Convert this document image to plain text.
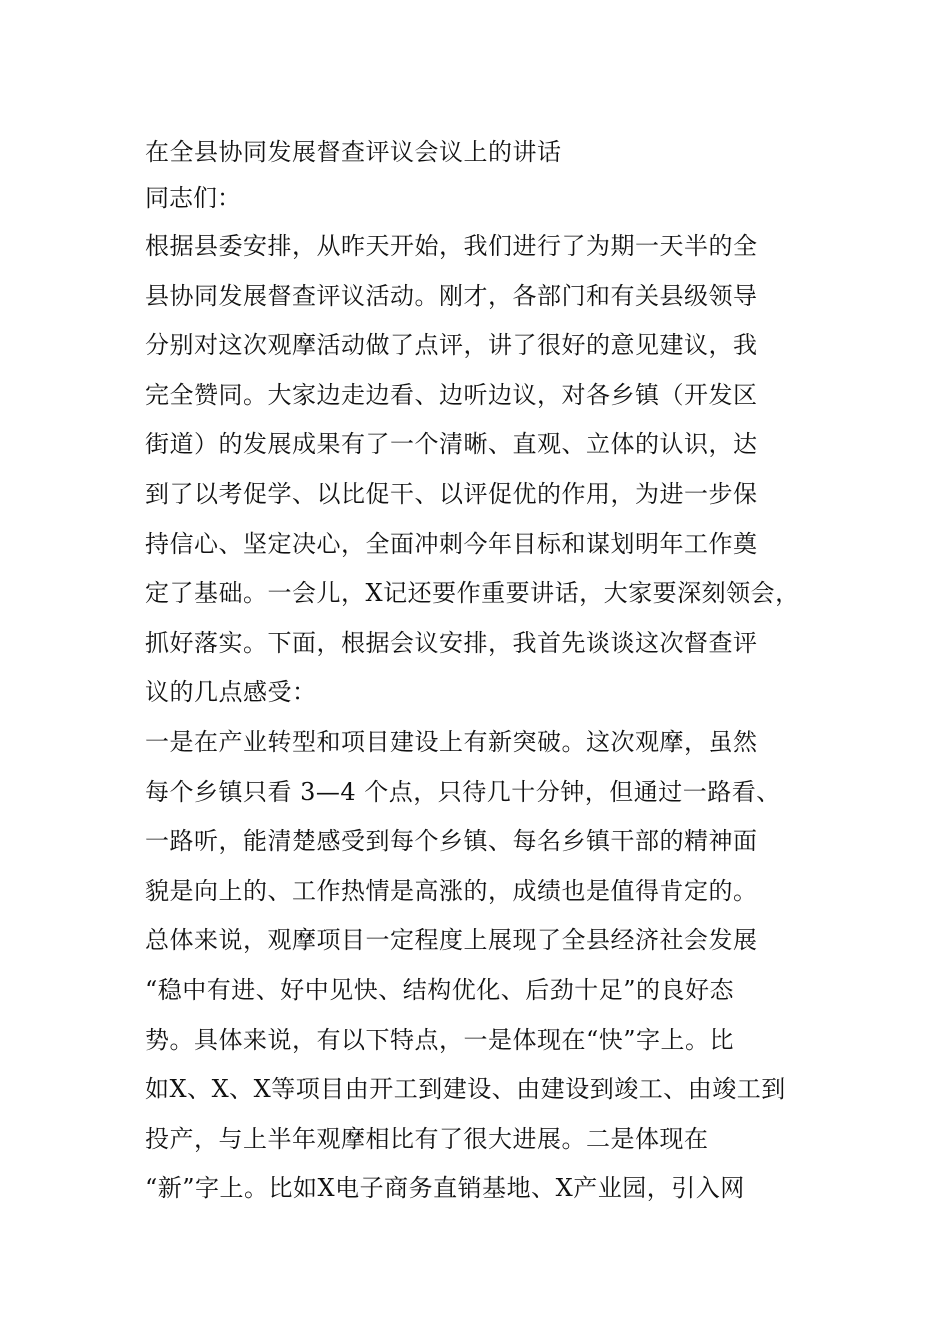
在全县协同发展督查评议会议上的讲话
同志们：
根据县委安排，从昨天开始，我们进行了为期一天半的全
县协同发展督查评议活动。刚才，各部门和有关县级领导
分别对这次观摩活动做了点评，讲了很好的意见建议，我
完全赞同。大家边走边看、边听边议，对各乡镇（开发区
街道）的发展成果有了一个清晰、直观、立体的认识，达
到了以考促学、以比促干、以评促优的作用，为进一步保
持信心、坚定决心，全面冲刺今年目标和谋划明年工作奠
定了基础。一会儿，X记还要作重要讲话，大家要深刻领会，
抓好落实。下面，根据会议安排，我首先谈谈这次督查评
议的几点感受：
一是在产业转型和项目建设上有新突破。这次观摩，虽然
每个乡镇只看 3—4 个点，只待几十分钟，但通过一路看、
一路听，能清楚感受到每个乡镇、每名乡镇干部的精神面
貌是向上的、工作热情是高涨的，成绩也是值得肯定的。
总体来说，观摩项目一定程度上展现了全县经济社会发展
“稳中有进、好中见快、结构优化、后劲十足”的良好态
势。具体来说，有以下特点，一是体现在“快”字上。比
如X、X、X等项目由开工到建设、由建设到竣工、由竣工到
投产，与上半年观摩相比有了很大进展。二是体现在
“新”字上。比如X电子商务直销基地、X产业园，引入网
